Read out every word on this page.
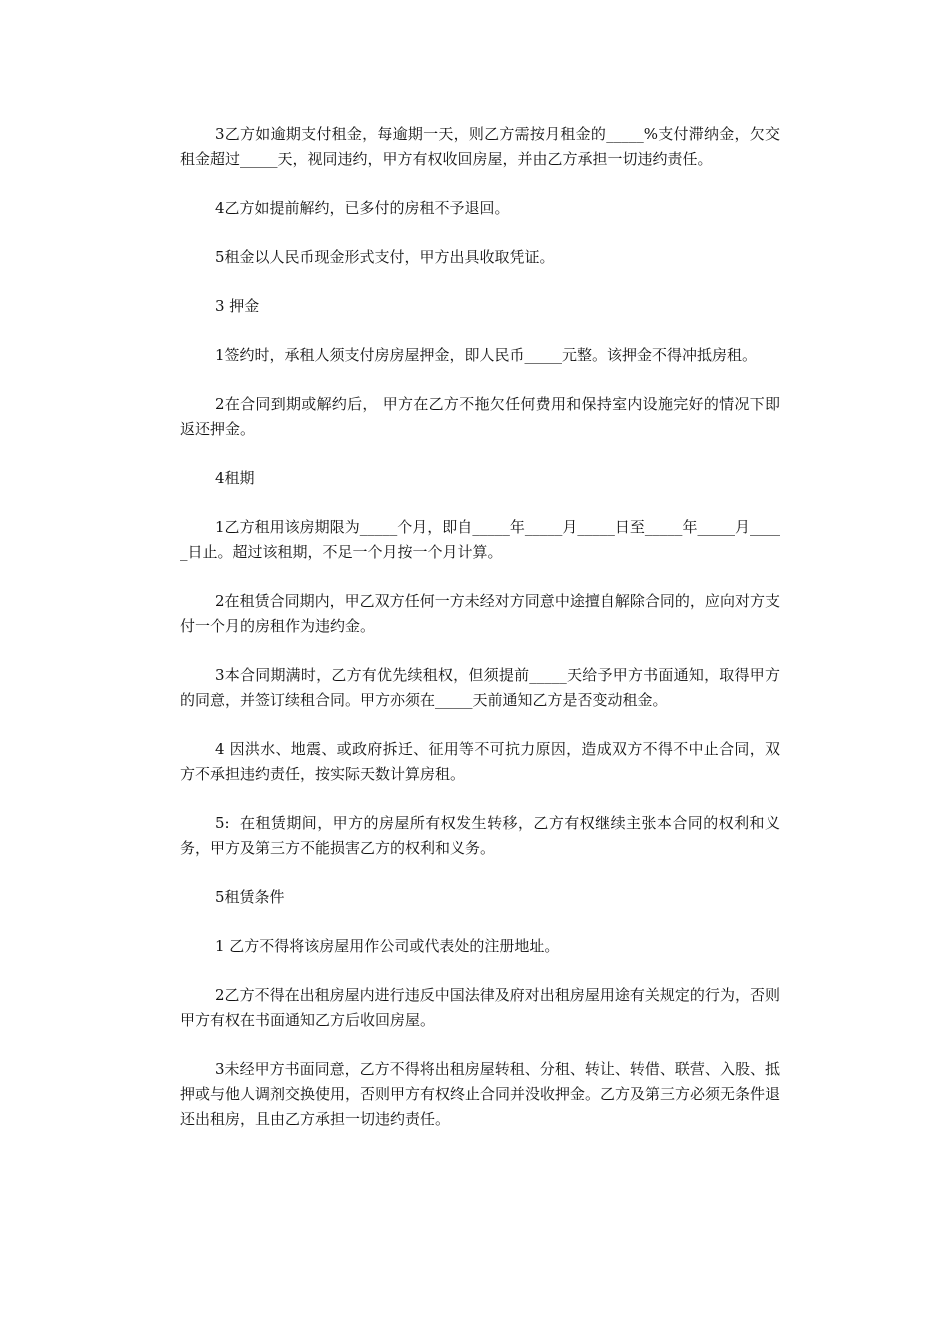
3乙方如逾期支付租金，每逾期一天，则乙方需按月租金的_____%支付滞纳金，欠交租金超过_____天，视同违约，甲方有权收回房屋，并由乙方承担一切违约责任。

4乙方如提前解约，已多付的房租不予退回。

5租金以人民币现金形式支付，甲方出具收取凭证。

3 押金

1签约时，承租人须支付房房屋押金，即人民币_____元整。该押金不得冲抵房租。

2在合同到期或解约后， 甲方在乙方不拖欠任何费用和保持室内设施完好的情况下即返还押金。

4租期

1乙方租用该房期限为_____个月，即自_____年_____月_____日至_____年_____月_____日止。超过该租期，不足一个月按一个月计算。

2在租赁合同期内，甲乙双方任何一方未经对方同意中途擅自解除合同的，应向对方支付一个月的房租作为违约金。

3本合同期满时，乙方有优先续租权，但须提前_____天给予甲方书面通知，取得甲方的同意，并签订续租合同。甲方亦须在_____天前通知乙方是否变动租金。

4 因洪水、地震、或政府拆迁、征用等不可抗力原因，造成双方不得不中止合同，双方不承担违约责任，按实际天数计算房租。

5:  在租赁期间，甲方的房屋所有权发生转移，乙方有权继续主张本合同的权利和义务，甲方及第三方不能损害乙方的权利和义务。

5租赁条件

1 乙方不得将该房屋用作公司或代表处的注册地址。

2乙方不得在出租房屋内进行违反中国法律及府对出租房屋用途有关规定的行为，否则甲方有权在书面通知乙方后收回房屋。

3未经甲方书面同意，乙方不得将出租房屋转租、分租、转让、转借、联营、入股、抵押或与他人调剂交换使用，否则甲方有权终止合同并没收押金。乙方及第三方必须无条件退还出租房，且由乙方承担一切违约责任。
